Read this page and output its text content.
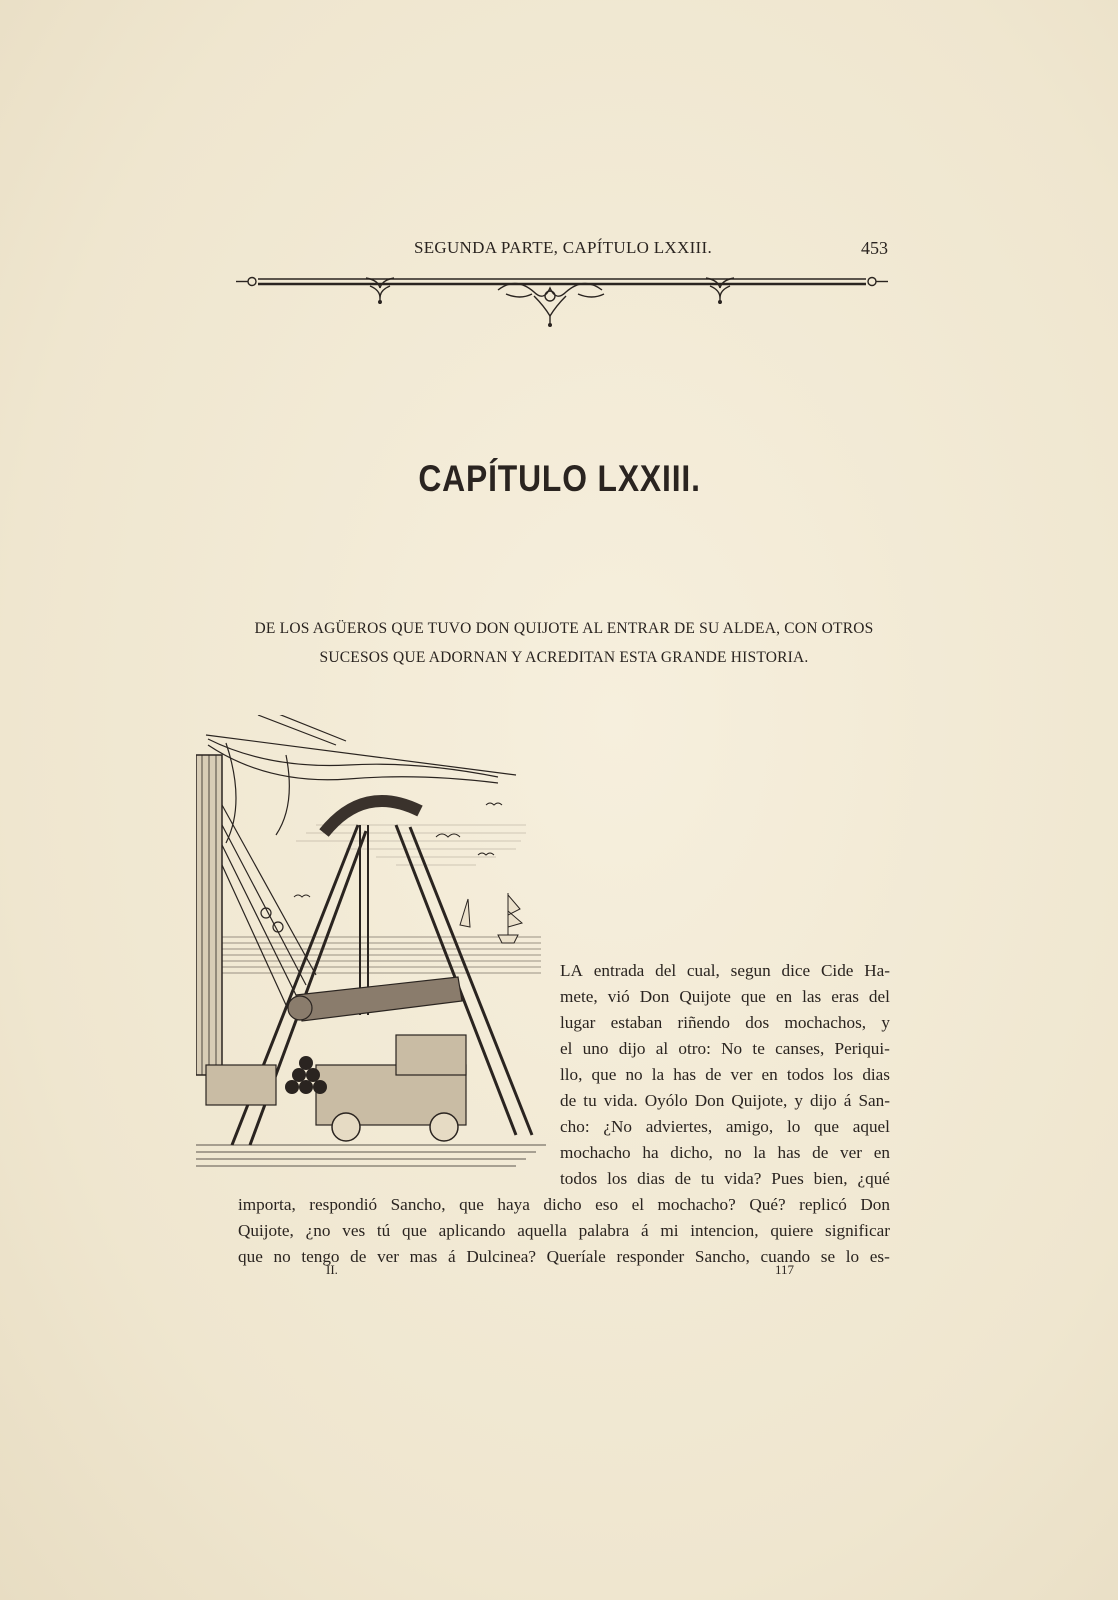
SEGUNDA PARTE, CAPÍTULO LXXIII.	453
CAPÍTULO LXXIII.
DE LOS AGÜEROS QUE TUVO DON QUIJOTE AL ENTRAR DE SU ALDEA, CON OTROS
SUCESOS QUE ADORNAN Y ACREDITAN ESTA GRANDE HISTORIA.
LA entrada del cual, segun dice Cide Ha-
mete, vió Don Quijote que en las eras del
lugar estaban riñendo dos mochachos, y
el uno dijo al otro: No te canses, Periqui-
llo, que no la has de ver en todos los dias
de tu vida. Oyólo Don Quijote, y dijo á San-
cho: ¿No adviertes, amigo, lo que aquel
mochacho ha dicho, no la has de ver en
todos los dias de tu vida? Pues bien, ¿qué
importa, respondió Sancho, que haya dicho eso el mochacho? Qué? replicó Don
Quijote, ¿no ves tú que aplicando aquella palabra á mi intencion, quiere significar
que no tengo de ver mas á Dulcinea? Queríale responder Sancho, cuando se lo es-
II.	117
